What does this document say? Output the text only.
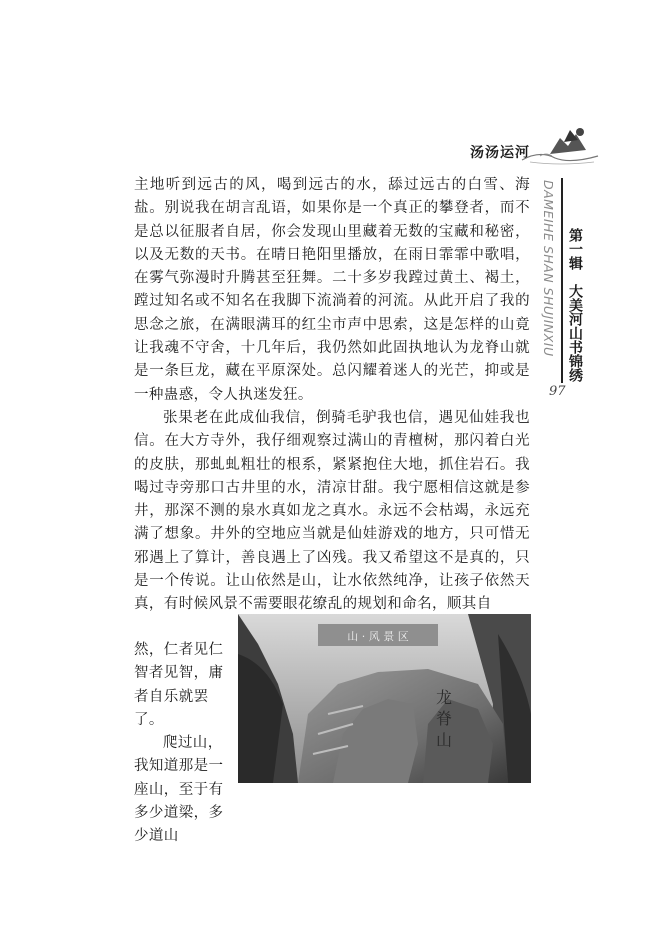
汤汤运河

主地听到远古的风，喝到远古的水，舔过远古的白雪、海盐。别说我在胡言乱语，如果你是一个真正的攀登者，而不是总以征服者自居，你会发现山里藏着无数的宝藏和秘密，以及无数的天书。在晴日艳阳里播放，在雨日霏霏中歌唱，在雾气弥漫时升腾甚至狂舞。二十多岁我蹚过黄土、褐土，蹚过知名或不知名在我脚下流淌着的河流。从此开启了我的思念之旅，在满眼满耳的红尘市声中思索，这是怎样的山竟让我魂不守舍，十几年后，我仍然如此固执地认为龙脊山就是一条巨龙，藏在平原深处。总闪耀着迷人的光芒，抑或是一种蛊惑，令人执迷发狂。

张果老在此成仙我信，倒骑毛驴我也信，遇见仙娃我也信。在大方寺外，我仔细观察过满山的青檀树，那闪着白光的皮肤，那虬虬粗壮的根系，紧紧抱住大地，抓住岩石。我喝过寺旁那口古井里的水，清凉甘甜。我宁愿相信这就是参井，那深不测的泉水真如龙之真水。永远不会枯竭，永远充满了想象。井外的空地应当就是仙娃游戏的地方，只可惜无邪遇上了算计，善良遇上了凶残。我又希望这不是真的，只是一个传说。让山依然是山，让水依然纯净，让孩子依然天真，有时候风景不需要眼花缭乱的规划和命名，顺其自

然，仁者见仁智者见智，庸者自乐就罢了。

爬过山，我知道那是一座山，至于有多少道梁，多少道山

山 · 风 景 区
龙 脊 山
DAMEIHE SHAN SHUJINXIU 第一辑大美河山书锦绣
97
